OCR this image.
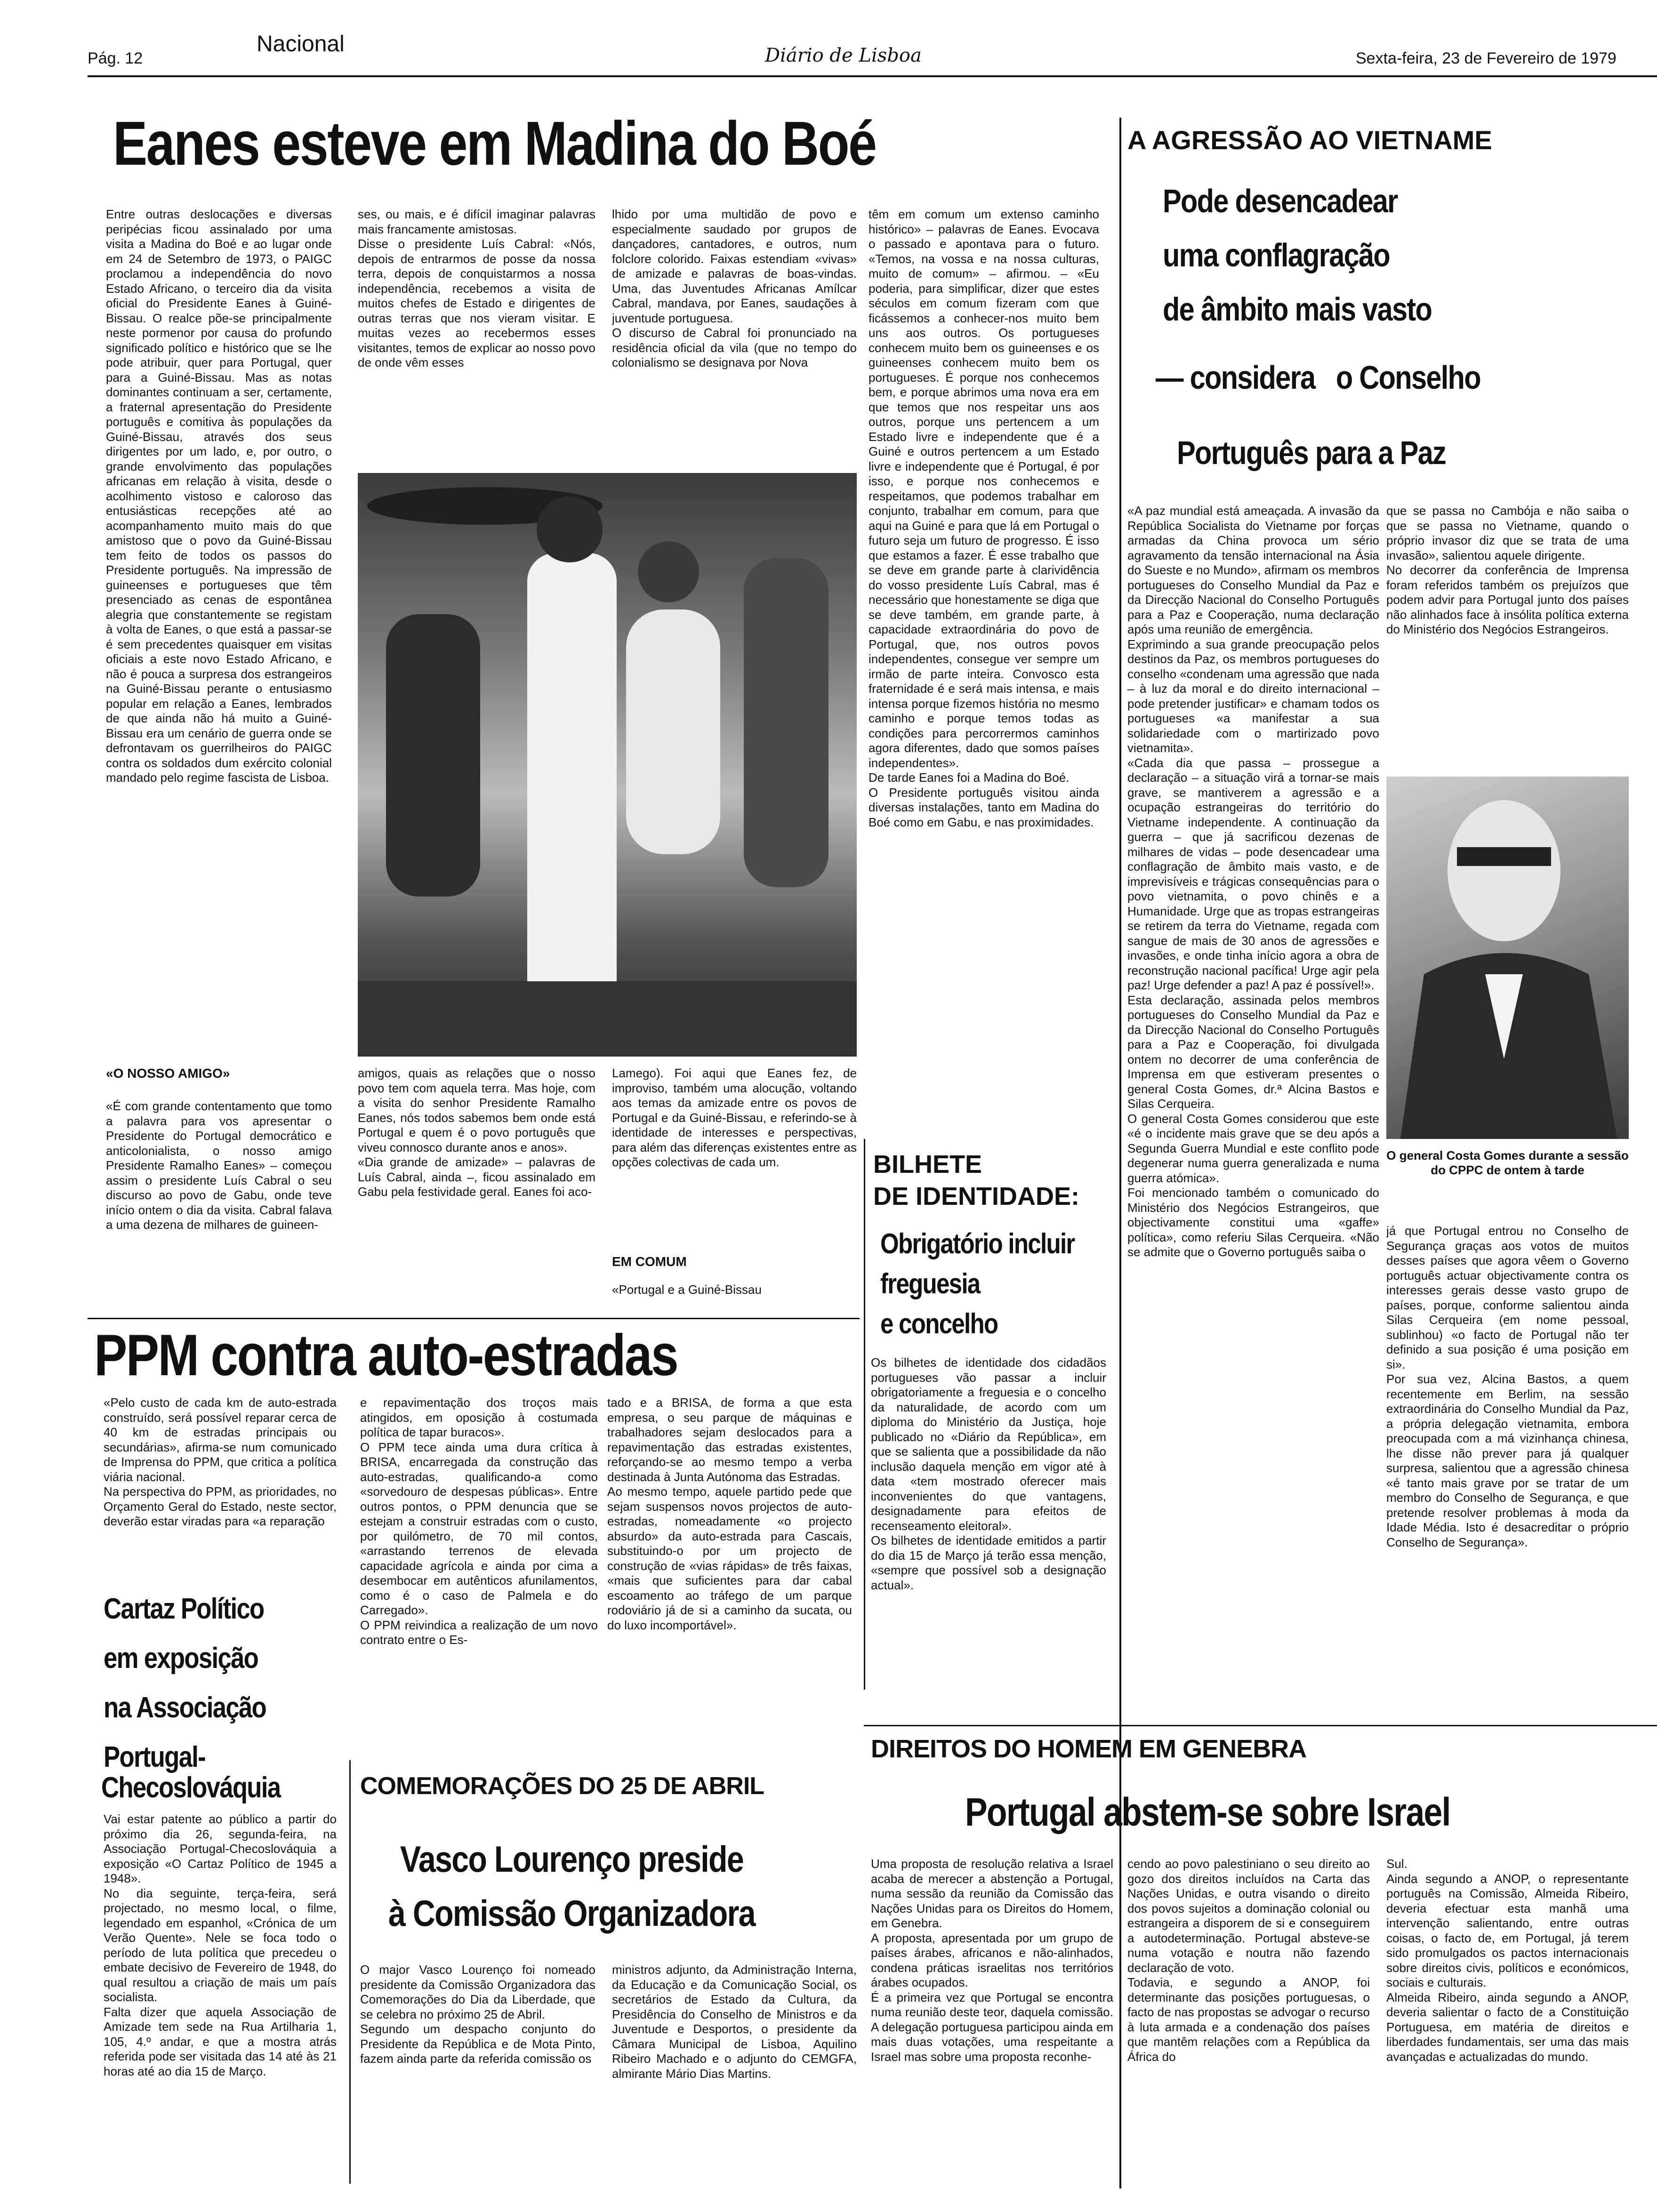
Pág. 12
Nacional	Diário de Lisboa	Sexta-feira, 23 de Fevereiro de 1979
Eanes esteve em Madina do Boé
Entre outras deslocações e diversas peripécias ficou assinalado por uma visita a Madina do Boé e ao lugar onde em 24 de Setembro de 1973, o PAIGC proclamou a independência do novo Estado Africano, o terceiro dia da visita oficial do Presidente Eanes à Guiné-Bissau. O realce põe-se principalmente neste pormenor por causa do profundo significado político e histórico que se lhe pode atribuir, quer para Portugal, quer para a Guiné-Bissau. Mas as notas dominantes continuam a ser, certamente, a fraternal apresentação do Presidente português e comitiva às populações da Guiné-Bissau, através dos seus dirigentes por um lado, e, por outro, o grande envolvimento das populações africanas em relação à visita, desde o acolhimento vistoso e caloroso das entusiásticas recepções até ao acompanhamento muito mais do que amistoso que o povo da Guiné-Bissau tem feito de todos os passos do Presidente português. Na impressão de guineenses e portugueses que têm presenciado as cenas de espontânea alegria que constantemente se registam à volta de Eanes, o que está a passar-se é sem precedentes quaisquer em visitas oficiais a este novo Estado Africano, e não é pouca a surpresa dos estrangeiros na Guiné-Bissau perante o entusiasmo popular em relação a Eanes, lembrados de que ainda não há muito a Guiné-Bissau era um cenário de guerra onde se defrontavam os guerrilheiros do PAIGC contra os soldados dum exército colonial mandado pelo regime fascista de Lisboa.
«O NOSSO AMIGO»
«É com grande contentamento que tomo a palavra para vos apresentar o Presidente do Portugal democrático e anticolonialista, o nosso amigo Presidente Ramalho Eanes» – começou assim o presidente Luís Cabral o seu discurso ao povo de Gabu, onde teve início ontem o dia da visita. Cabral falava a uma dezena de milhares de guineen-
ses, ou mais, e é difícil imaginar palavras mais francamente amistosas.
Disse o presidente Luís Cabral: «Nós, depois de entrarmos de posse da nossa terra, depois de conquistarmos a nossa independência, recebemos a visita de muitos chefes de Estado e dirigentes de outras terras que nos vieram visitar. E muitas vezes ao recebermos esses visitantes, temos de explicar ao nosso povo de onde vêm esses
lhido por uma multidão de povo e especialmente saudado por grupos de dançadores, cantadores, e outros, num folclore colorido. Faixas estendiam «vivas» de amizade e palavras de boas-vindas. Uma, das Juventudes Africanas Amílcar Cabral, mandava, por Eanes, saudações à juventude portuguesa.
O discurso de Cabral foi pronunciado na residência oficial da vila (que no tempo do colonialismo se designava por Nova
amigos, quais as relações que o nosso povo tem com aquela terra. Mas hoje, com a visita do senhor Presidente Ramalho Eanes, nós todos sabemos bem onde está Portugal e quem é o povo português que viveu connosco durante anos e anos».
«Dia grande de amizade» – palavras de Luís Cabral, ainda –, ficou assinalado em Gabu pela festividade geral. Eanes foi aco-
Lamego). Foi aqui que Eanes fez, de improviso, também uma alocução, voltando aos temas da amizade entre os povos de Portugal e da Guiné-Bissau, e referindo-se à identidade de interesses e perspectivas, para além das diferenças existentes entre as opções colectivas de cada um.
EM COMUM
«Portugal e a Guiné-Bissau
têm em comum um extenso caminho histórico» – palavras de Eanes. Evocava o passado e apontava para o futuro. «Temos, na vossa e na nossa culturas, muito de comum» – afirmou. – «Eu poderia, para simplificar, dizer que estes séculos em comum fizeram com que ficássemos a conhecer-nos muito bem uns aos outros. Os portugueses conhecem muito bem os guineenses e os guineenses conhecem muito bem os portugueses. É porque nos conhecemos bem, e porque abrimos uma nova era em que temos que nos respeitar uns aos outros, porque uns pertencem a um Estado livre e independente que é a Guiné e outros pertencem a um Estado livre e independente que é Portugal, é por isso, e porque nos conhecemos e respeitamos, que podemos trabalhar em conjunto, trabalhar em comum, para que aqui na Guiné e para que lá em Portugal o futuro seja um futuro de progresso. É isso que estamos a fazer. É esse trabalho que se deve em grande parte à clarividência do vosso presidente Luís Cabral, mas é necessário que honestamente se diga que se deve também, em grande parte, à capacidade extraordinária do povo de Portugal, que, nos outros povos independentes, consegue ver sempre um irmão de parte inteira. Convosco esta fraternidade é e será mais intensa, e mais intensa porque fizemos história no mesmo caminho e porque temos todas as condições para percorrermos caminhos agora diferentes, dado que somos países independentes».
De tarde Eanes foi a Madina do Boé.
O Presidente português visitou ainda diversas instalações, tanto em Madina do Boé como em Gabu, e nas proximidades.
A AGRESSÃO AO VIETNAME
Pode desencadear
uma conflagração
de âmbito mais vasto
— considera   o Conselho
Português para a Paz
«A paz mundial está ameaçada. A invasão da República Socialista do Vietname por forças armadas da China provoca um sério agravamento da tensão internacional na Ásia do Sueste e no Mundo», afirmam os membros portugueses do Conselho Mundial da Paz e da Direcção Nacional do Conselho Português para a Paz e Cooperação, numa declaração após uma reunião de emergência.
Exprimindo a sua grande preocupação pelos destinos da Paz, os membros portugueses do conselho «condenam uma agressão que nada – à luz da moral e do direito internacional – pode pretender justificar» e chamam todos os portugueses «a manifestar a sua solidariedade com o martirizado povo vietnamita».
«Cada dia que passa – prossegue a declaração – a situação virá a tornar-se mais grave, se mantiverem a agressão e a ocupação estrangeiras do território do Vietname independente. A continuação da guerra – que já sacrificou dezenas de milhares de vidas – pode desencadear uma conflagração de âmbito mais vasto, e de imprevisíveis e trágicas consequências para o povo vietnamita, o povo chinês e a Humanidade. Urge que as tropas estrangeiras se retirem da terra do Vietname, regada com sangue de mais de 30 anos de agressões e invasões, e onde tinha início agora a obra de reconstrução nacional pacífica! Urge agir pela paz! Urge defender a paz! A paz é possível!».
Esta declaração, assinada pelos membros portugueses do Conselho Mundial da Paz e da Direcção Nacional do Conselho Português para a Paz e Cooperação, foi divulgada ontem no decorrer de uma conferência de Imprensa em que estiveram presentes o general Costa Gomes, dr.ª Alcina Bastos e Silas Cerqueira.
O general Costa Gomes considerou que este «é o incidente mais grave que se deu após a Segunda Guerra Mundial e este conflito pode degenerar numa guerra generalizada e numa guerra atómica».
Foi mencionado também o comunicado do Ministério dos Negócios Estrangeiros, que objectivamente constitui uma «gaffe» política», como referiu Silas Cerqueira. «Não se admite que o Governo português saiba o
que se passa no Cambója e não saiba o que se passa no Vietname, quando o próprio invasor diz que se trata de uma invasão», salientou aquele dirigente.
No decorrer da conferência de Imprensa foram referidos também os prejuízos que podem advir para Portugal junto dos países não alinhados face à insólita política externa do Ministério dos Negócios Estrangeiros.
O general Costa Gomes durante a sessão do CPPC de ontem à tarde
já que Portugal entrou no Conselho de Segurança graças aos votos de muitos desses países que agora vêem o Governo português actuar objectivamente contra os interesses gerais desse vasto grupo de países, porque, conforme salientou ainda Silas Cerqueira (em nome pessoal, sublinhou) «o facto de Portugal não ter definido a sua posição é uma posição em si».
Por sua vez, Alcina Bastos, a quem recentemente em Berlim, na sessão extraordinária do Conselho Mundial da Paz, a própria delegação vietnamita, embora preocupada com a má vizinhança chinesa, lhe disse não prever para já qualquer surpresa, salientou que a agressão chinesa «é tanto mais grave por se tratar de um membro do Conselho de Segurança, e que pretende resolver problemas à moda da Idade Média. Isto é desacreditar o próprio Conselho de Segurança».
BILHETE
DE IDENTIDADE:
Obrigatório incluir
freguesia
e concelho
Os bilhetes de identidade dos cidadãos portugueses vão passar a incluir obrigatoriamente a freguesia e o concelho da naturalidade, de acordo com um diploma do Ministério da Justiça, hoje publicado no «Diário da República», em que se salienta que a possibilidade da não inclusão daquela menção em vigor até à data «tem mostrado oferecer mais inconvenientes do que vantagens, designadamente para efeitos de recenseamento eleitoral».
Os bilhetes de identidade emitidos a partir do dia 15 de Março já terão essa menção, «sempre que possível sob a designação actual».
PPM contra auto-estradas
«Pelo custo de cada km de auto-estrada construído, será possível reparar cerca de 40 km de estradas principais ou secundárias», afirma-se num comunicado de Imprensa do PPM, que critica a política viária nacional.
Na perspectiva do PPM, as prioridades, no Orçamento Geral do Estado, neste sector, deverão estar viradas para «a reparação
e repavimentação dos troços mais atingidos, em oposição à costumada política de tapar buracos».
O PPM tece ainda uma dura crítica à BRISA, encarregada da construção das auto-estradas, qualificando-a como «sorvedouro de despesas públicas». Entre outros pontos, o PPM denuncia que se estejam a construir estradas com o custo, por quilómetro, de 70 mil contos, «arrastando terrenos de elevada capacidade agrícola e ainda por cima a desembocar em autênticos afunilamentos, como é o caso de Palmela e do Carregado».
O PPM reivindica a realização de um novo contrato entre o Es-
tado e a BRISA, de forma a que esta empresa, o seu parque de máquinas e trabalhadores sejam deslocados para a repavimentação das estradas existentes, reforçando-se ao mesmo tempo a verba destinada à Junta Autónoma das Estradas.
Ao mesmo tempo, aquele partido pede que sejam suspensos novos projectos de auto-estradas, nomeadamente «o projecto absurdo» da auto-estrada para Cascais, substituindo-o por um projecto de construção de «vias rápidas» de três faixas, «mais que suficientes para dar cabal escoamento ao tráfego de um parque rodoviário já de si a caminho da sucata, ou do luxo incomportável».
Cartaz Político
em exposição
na Associação
Portugal-
Checoslováquia
Vai estar patente ao público a partir do próximo dia 26, segunda-feira, na Associação Portugal-Checoslováquia a exposição «O Cartaz Político de 1945 a 1948».
No dia seguinte, terça-feira, será projectado, no mesmo local, o filme, legendado em espanhol, «Crónica de um Verão Quente». Nele se foca todo o período de luta política que precedeu o embate decisivo de Fevereiro de 1948, do qual resultou a criação de mais um país socialista.
Falta dizer que aquela Associação de Amizade tem sede na Rua Artilharia 1, 105, 4.º andar, e que a mostra atrás referida pode ser visitada das 14 até às 21 horas até ao dia 15 de Março.
COMEMORAÇÕES DO 25 DE ABRIL
Vasco Lourenço preside
à Comissão Organizadora
O major Vasco Lourenço foi nomeado presidente da Comissão Organizadora das Comemorações do Dia da Liberdade, que se celebra no próximo 25 de Abril.
Segundo um despacho conjunto do Presidente da República e de Mota Pinto, fazem ainda parte da referida comissão os
ministros adjunto, da Administração Interna, da Educação e da Comunicação Social, os secretários de Estado da Cultura, da Presidência do Conselho de Ministros e da Juventude e Desportos, o presidente da Câmara Municipal de Lisboa, Aquilino Ribeiro Machado e o adjunto do CEMGFA, almirante Mário Dias Martins.
DIREITOS DO HOMEM EM GENEBRA
Portugal abstem-se sobre Israel
Uma proposta de resolução relativa a Israel acaba de merecer a abstenção a Portugal, numa sessão da reunião da Comissão das Nações Unidas para os Direitos do Homem, em Genebra.
A proposta, apresentada por um grupo de países árabes, africanos e não-alinhados, condena práticas israelitas nos territórios árabes ocupados.
É a primeira vez que Portugal se encontra numa reunião deste teor, daquela comissão. A delegação portuguesa participou ainda em mais duas votações, uma respeitante a Israel mas sobre uma proposta reconhe-
cendo ao povo palestiniano o seu direito ao gozo dos direitos incluídos na Carta das Nações Unidas, e outra visando o direito dos povos sujeitos a dominação colonial ou estrangeira a disporem de si e conseguirem a autodeterminação. Portugal absteve-se numa votação e noutra não fazendo declaração de voto.
Todavia, e segundo a ANOP, foi determinante das posições portuguesas, o facto de nas propostas se advogar o recurso à luta armada e a condenação dos países que mantêm relações com a República da África do
Sul.
Ainda segundo a ANOP, o representante português na Comissão, Almeida Ribeiro, deveria efectuar esta manhã uma intervenção salientando, entre outras coisas, o facto de, em Portugal, já terem sido promulgados os pactos internacionais sobre direitos civis, políticos e económicos, sociais e culturais.
Almeida Ribeiro, ainda segundo a ANOP, deveria salientar o facto de a Constituição Portuguesa, em matéria de direitos e liberdades fundamentais, ser uma das mais avançadas e actualizadas do mundo.
